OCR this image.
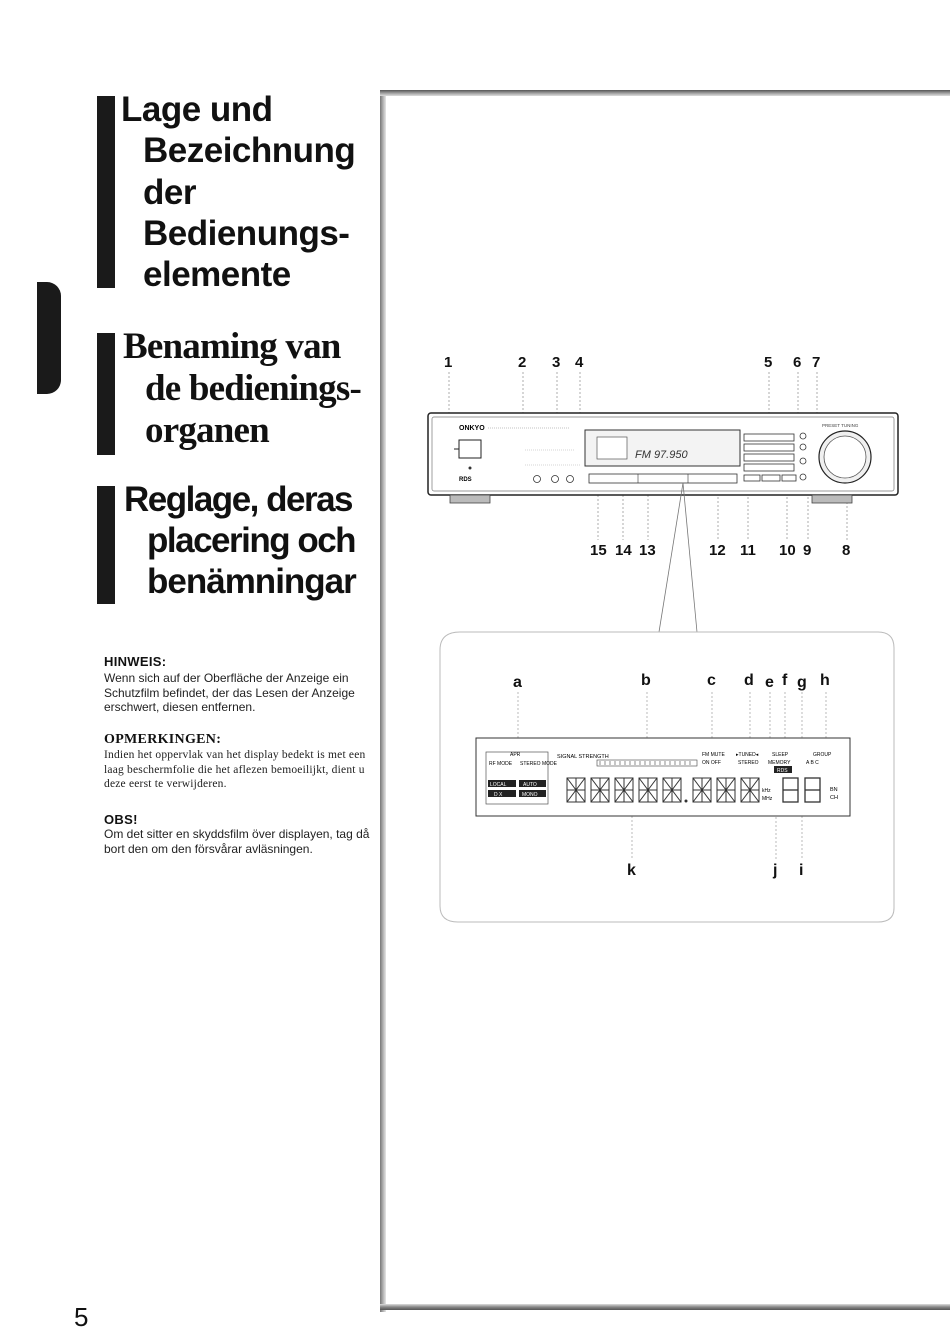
Lage und
Bezeichnung
der
Bedienungs-
elemente
Benaming van
de bedienings-
organen
Reglage, deras
placering och
benämningar
HINWEIS:
Wenn sich auf der Oberfläche der Anzeige ein Schutzfilm befindet, der das Lesen der Anzeige erschwert, diesen entfernen.
OPMERKINGEN:
Indien het oppervlak van het display bedekt is met een laag beschermfolie die het aflezen bemoeilijkt, dient u deze eerst te verwijderen.
OBS!
Om det sitter en skyddsfilm över displayen, tag då bort den om den försvårar avläsningen.
5
ONKYO
RDS
FM 97.950
PRESET TUNING
APR
RF MODE STEREO MODE
LOCAL	AUTO
D X	MONO
SIGNAL STRENGTH	FM MUTE
ON OFF
▸TUNED◂
STEREO
SLEEP
MEMORY
RDS
GROUP
A B C
kHz
MHz
BN
CH
1	2 3 4	5 6 7
15 14 13	12 11 10 9 8
a	b	c d e f g h
k	j i
